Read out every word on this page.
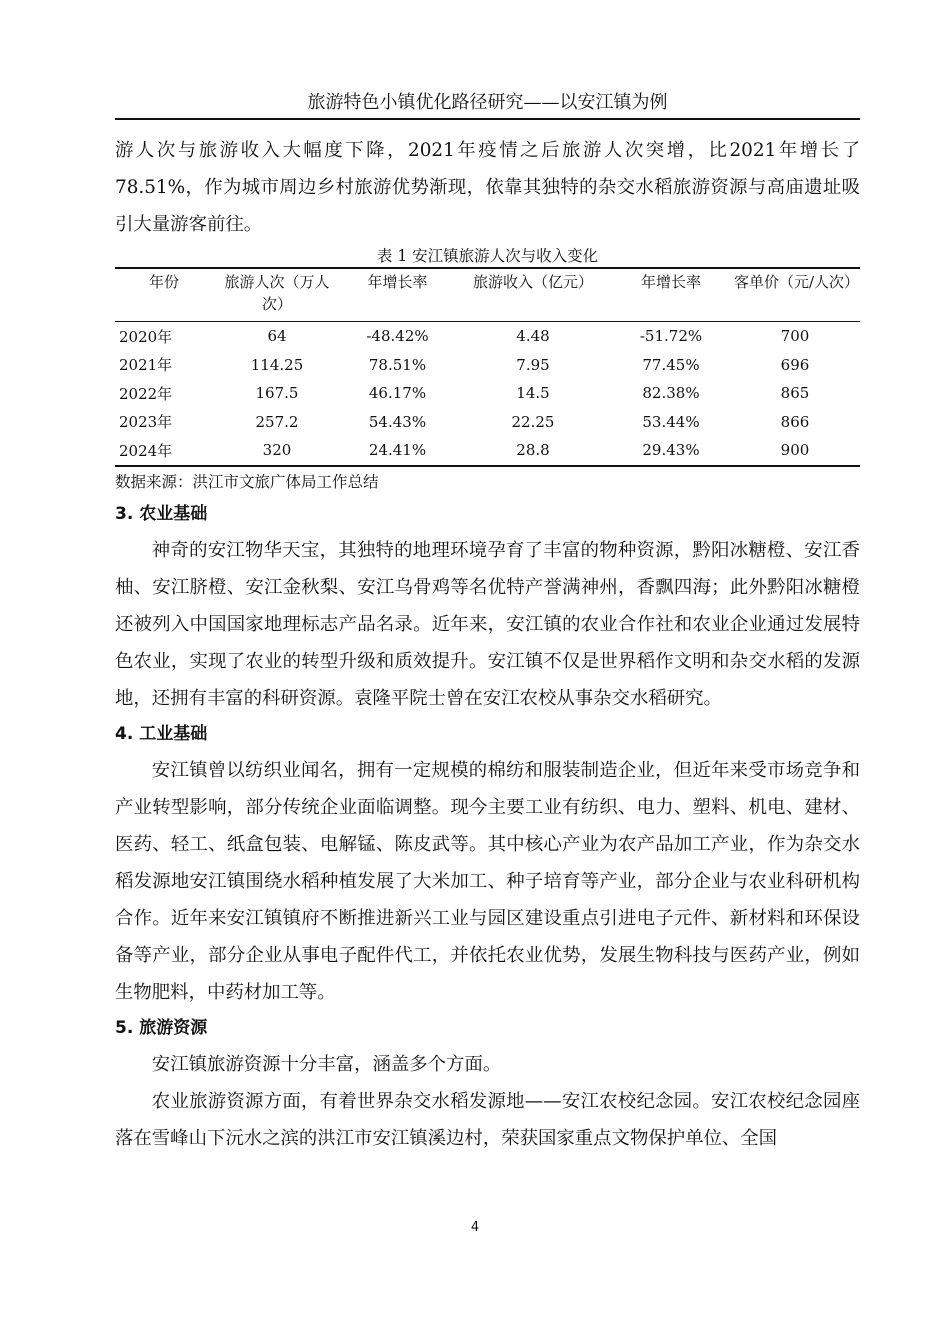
旅游特色小镇优化路径研究——以安江镇为例

游人次与旅游收入大幅度下降，2021年疫情之后旅游人次突增，比2021年增长了78.51%，作为城市周边乡村旅游优势渐现，依靠其独特的杂交水稻旅游资源与高庙遗址吸引大量游客前往。

表 1 安江镇旅游人次与收入变化
年份	旅游人次（万人次）	年增长率	旅游收入（亿元）	年增长率	客单价（元/人次）
2020年	64	-48.42%	4.48	-51.72%	700
2021年	114.25	78.51%	7.95	77.45%	696
2022年	167.5	46.17%	14.5	82.38%	865
2023年	257.2	54.43%	22.25	53.44%	866
2024年	320	24.41%	28.8	29.43%	900
数据来源：洪江市文旅广体局工作总结
3. 农业基础

神奇的安江物华天宝，其独特的地理环境孕育了丰富的物种资源，黔阳冰糖橙、安江香柚、安江脐橙、安江金秋梨、安江乌骨鸡等名优特产誉满神州，香飘四海；此外黔阳冰糖橙还被列入中国国家地理标志产品名录。近年来，安江镇的农业合作社和农业企业通过发展特色农业，实现了农业的转型升级和质效提升。安江镇不仅是世界稻作文明和杂交水稻的发源地，还拥有丰富的科研资源。袁隆平院士曾在安江农校从事杂交水稻研究。

4. 工业基础

安江镇曾以纺织业闻名，拥有一定规模的棉纺和服装制造企业，但近年来受市场竞争和产业转型影响，部分传统企业面临调整。现今主要工业有纺织、电力、塑料、机电、建材、医药、轻工、纸盒包装、电解锰、陈皮武等。其中核心产业为农产品加工产业，作为杂交水稻发源地安江镇围绕水稻种植发展了大米加工、种子培育等产业，部分企业与农业科研机构合作。近年来安江镇镇府不断推进新兴工业与园区建设重点引进电子元件、新材料和环保设备等产业，部分企业从事电子配件代工，并依托农业优势，发展生物科技与医药产业，例如生物肥料，中药材加工等。

5. 旅游资源

安江镇旅游资源十分丰富，涵盖多个方面。

农业旅游资源方面，有着世界杂交水稻发源地——安江农校纪念园。安江农校纪念园座落在雪峰山下沅水之滨的洪江市安江镇溪边村，荣获国家重点文物保护单位、全国

4
